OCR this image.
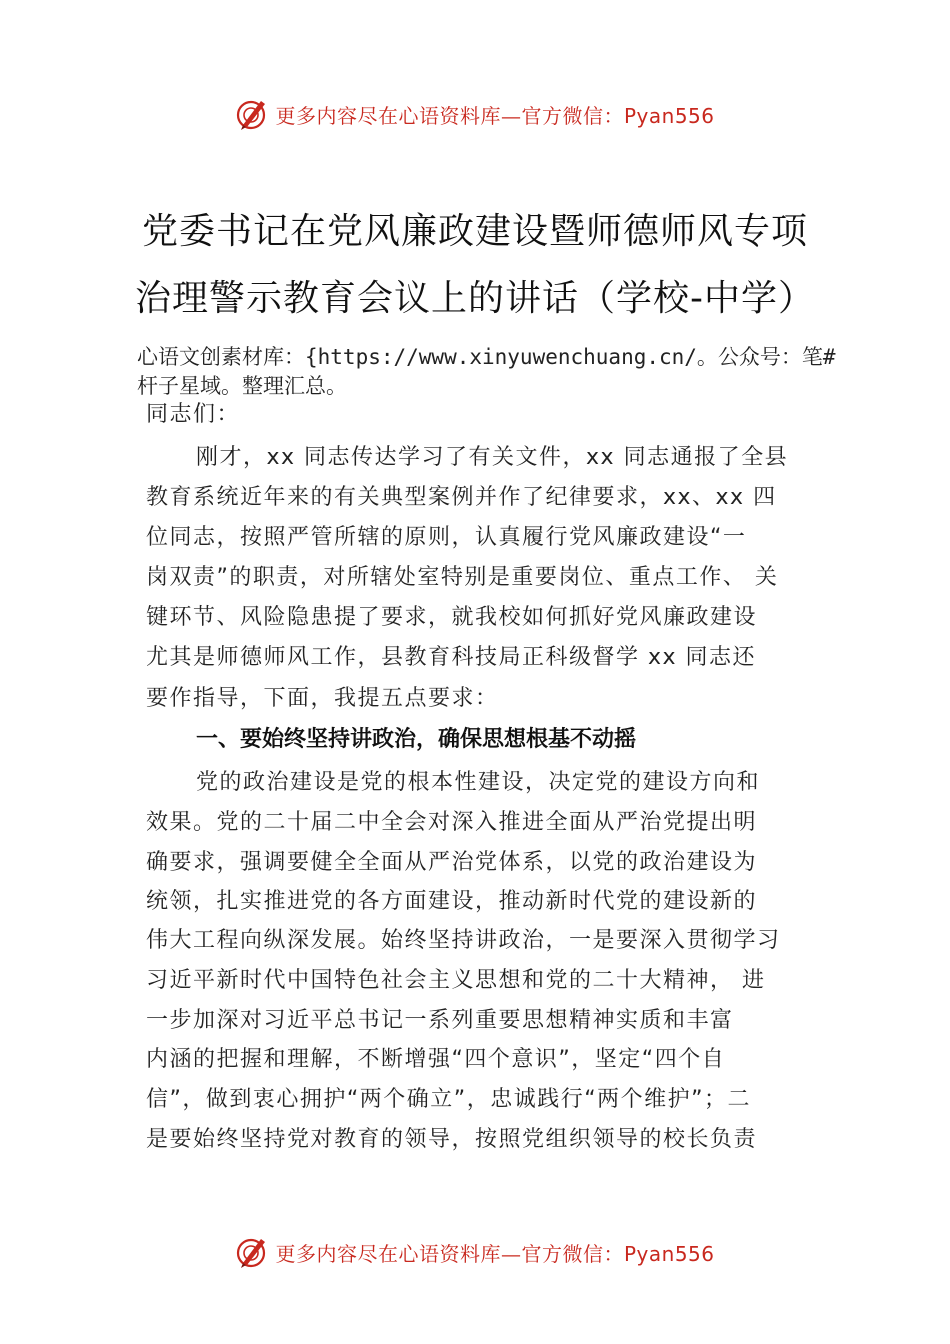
更多内容尽在心语资料库—官方微信：Pyan556
党委书记在党风廉政建设暨师德师风专项
治理警示教育会议上的讲话（学校-中学）
心语文创素材库：{https://www.xinyuwenchuang.cn/。公众号：笔#杆子星域。整理汇总。
同志们：
刚才，xx 同志传达学习了有关文件，xx 同志通报了全县
教育系统近年来的有关典型案例并作了纪律要求，xx、xx 四
位同志，按照严管所辖的原则，认真履行党风廉政建设“一
岗双责”的职责，对所辖处室特别是重要岗位、重点工作、 关
键环节、风险隐患提了要求，就我校如何抓好党风廉政建设
尤其是师德师风工作，县教育科技局正科级督学 xx 同志还
要作指导，下面，我提五点要求：
一、要始终坚持讲政治，确保思想根基不动摇
党的政治建设是党的根本性建设，决定党的建设方向和
效果。党的二十届二中全会对深入推进全面从严治党提出明
确要求，强调要健全全面从严治党体系，以党的政治建设为
统领，扎实推进党的各方面建设，推动新时代党的建设新的
伟大工程向纵深发展。始终坚持讲政治，一是要深入贯彻学习
习近平新时代中国特色社会主义思想和党的二十大精神， 进
一步加深对习近平总书记一系列重要思想精神实质和丰富
内涵的把握和理解，不断增强“四个意识”，坚定“四个自
信”，做到衷心拥护“两个确立”，忠诚践行“两个维护”；二
是要始终坚持党对教育的领导，按照党组织领导的校长负责
更多内容尽在心语资料库—官方微信：Pyan556
